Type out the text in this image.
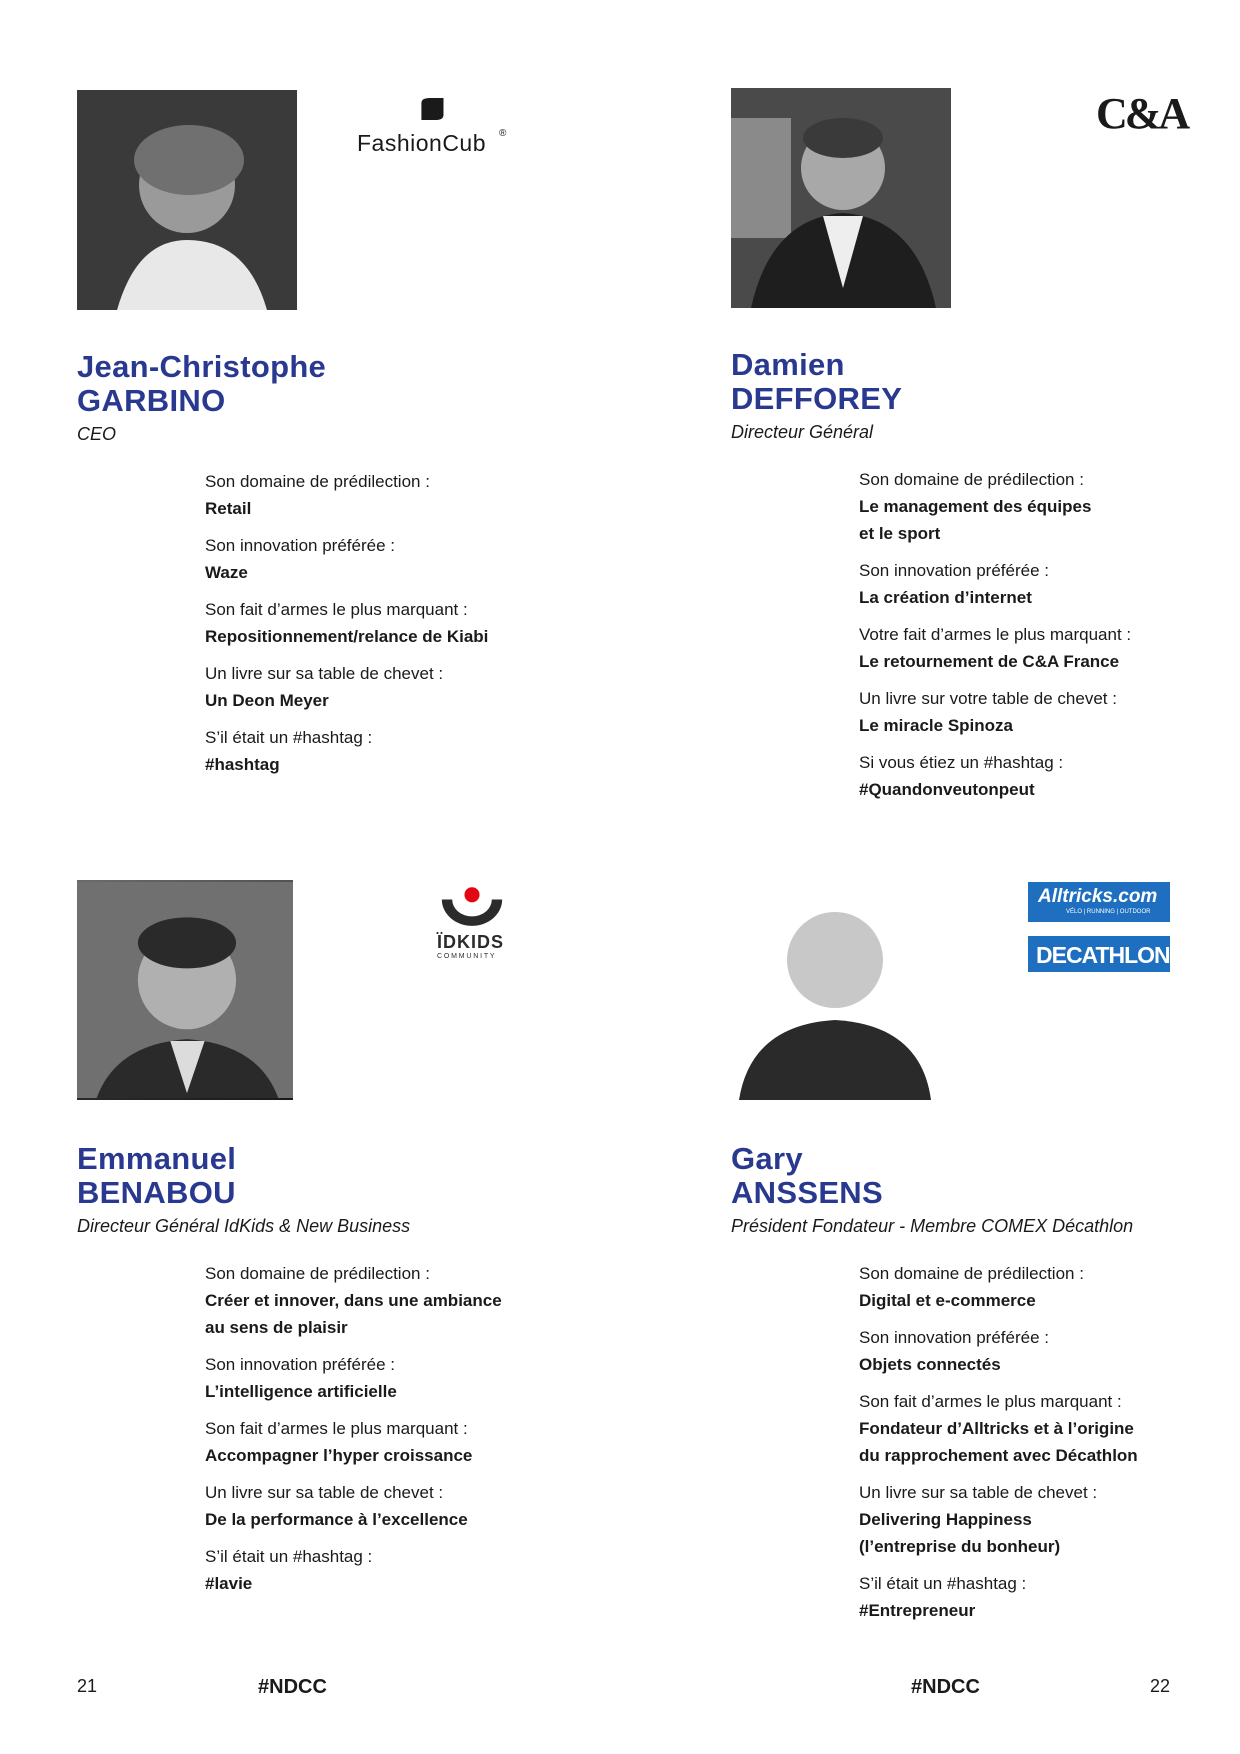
FashionCub ®
Jean-Christophe
GARBINO
CEO
Son domaine de prédilection :
Retail
Son innovation préférée :
Waze
Son fait d’armes le plus marquant :
Repositionnement/relance de Kiabi
Un livre sur sa table de chevet :
Un Deon Meyer
S’il était un #hashtag :
#hashtag
C&A
Damien
DEFFOREY
Directeur Général
Son domaine de prédilection :
Le management des équipes
et le sport
Son innovation préférée :
La création d’internet
Votre fait d’armes le plus marquant :
Le retournement de C&A France
Un livre sur votre table de chevet :
Le miracle Spinoza
Si vous étiez un #hashtag :
#Quandonveutonpeut
ÏDKIDS
COMMUNITY
Emmanuel
BENABOU
Directeur Général IdKids & New Business
Son domaine de prédilection :
Créer et innover, dans une ambiance
au sens de plaisir
Son innovation préférée :
L’intelligence artificielle
Son fait d’armes le plus marquant :
Accompagner l’hyper croissance
Un livre sur sa table de chevet :
De la performance à l’excellence
S’il était un #hashtag :
#lavie
Alltricks.com
VÉLO | RUNNING | OUTDOOR
DECATHLON
Gary
ANSSENS
Président Fondateur - Membre COMEX Décathlon
Son domaine de prédilection :
Digital et e-commerce
Son innovation préférée :
Objets connectés
Son fait d’armes le plus marquant :
Fondateur d’Alltricks et à l’origine
du rapprochement avec Décathlon
Un livre sur sa table de chevet :
Delivering Happiness
(l’entreprise du bonheur)
S’il était un #hashtag :
#Entrepreneur
21	#NDCC	#NDCC	22
